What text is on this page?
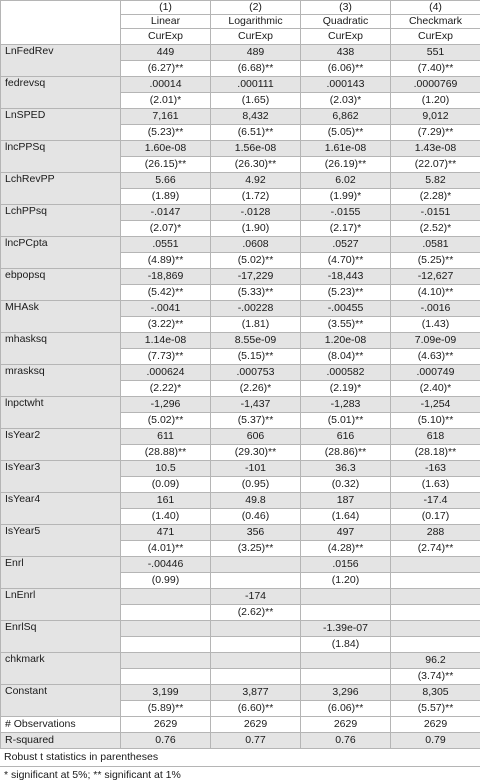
	(1)	(2)	(3)	(4)
	Linear	Logarithmic	Quadratic	Checkmark
	CurExp	CurExp	CurExp	CurExp
LnFedRev	449	489	438	551
	(6.27)**	(6.68)**	(6.06)**	(7.40)**
fedrevsq	.00014	.000111	.000143	.0000769
	(2.01)*	(1.65)	(2.03)*	(1.20)
LnSPED	7,161	8,432	6,862	9,012
	(5.23)**	(6.51)**	(5.05)**	(7.29)**
lncPPSq	1.60e-08	1.56e-08	1.61e-08	1.43e-08
	(26.15)**	(26.30)**	(26.19)**	(22.07)**
LchRevPP	5.66	4.92	6.02	5.82
	(1.89)	(1.72)	(1.99)*	(2.28)*
LchPPsq	-.0147	-.0128	-.0155	-.0151
	(2.07)*	(1.90)	(2.17)*	(2.52)*
lncPCpta	.0551	.0608	.0527	.0581
	(4.89)**	(5.02)**	(4.70)**	(5.25)**
ebpopsq	-18,869	-17,229	-18,443	-12,627
	(5.42)**	(5.33)**	(5.23)**	(4.10)**
MHAsk	-.0041	-.00228	-.00455	-.0016
	(3.22)**	(1.81)	(3.55)**	(1.43)
mhasksq	1.14e-08	8.55e-09	1.20e-08	7.09e-09
	(7.73)**	(5.15)**	(8.04)**	(4.63)**
mrasksq	.000624	.000753	.000582	.000749
	(2.22)*	(2.26)*	(2.19)*	(2.40)*
lnpctwht	-1,296	-1,437	-1,283	-1,254
	(5.02)**	(5.37)**	(5.01)**	(5.10)**
IsYear2	611	606	616	618
	(28.88)**	(29.30)**	(28.86)**	(28.18)**
IsYear3	10.5	-101	36.3	-163
	(0.09)	(0.95)	(0.32)	(1.63)
IsYear4	161	49.8	187	-17.4
	(1.40)	(0.46)	(1.64)	(0.17)
IsYear5	471	356	497	288
	(4.01)**	(3.25)**	(4.28)**	(2.74)**
Enrl	-.00446		.0156	
	(0.99)		(1.20)	
LnEnrl		-174		
		(2.62)**		
EnrlSq			-1.39e-07	
			(1.84)	
chkmark				96.2
				(3.74)**
Constant	3,199	3,877	3,296	8,305
	(5.89)**	(6.60)**	(6.06)**	(5.57)**
# Observations	2629	2629	2629	2629
R-squared	0.76	0.77	0.76	0.79
Robust t statistics in parentheses
* significant at 5%; ** significant at 1%
